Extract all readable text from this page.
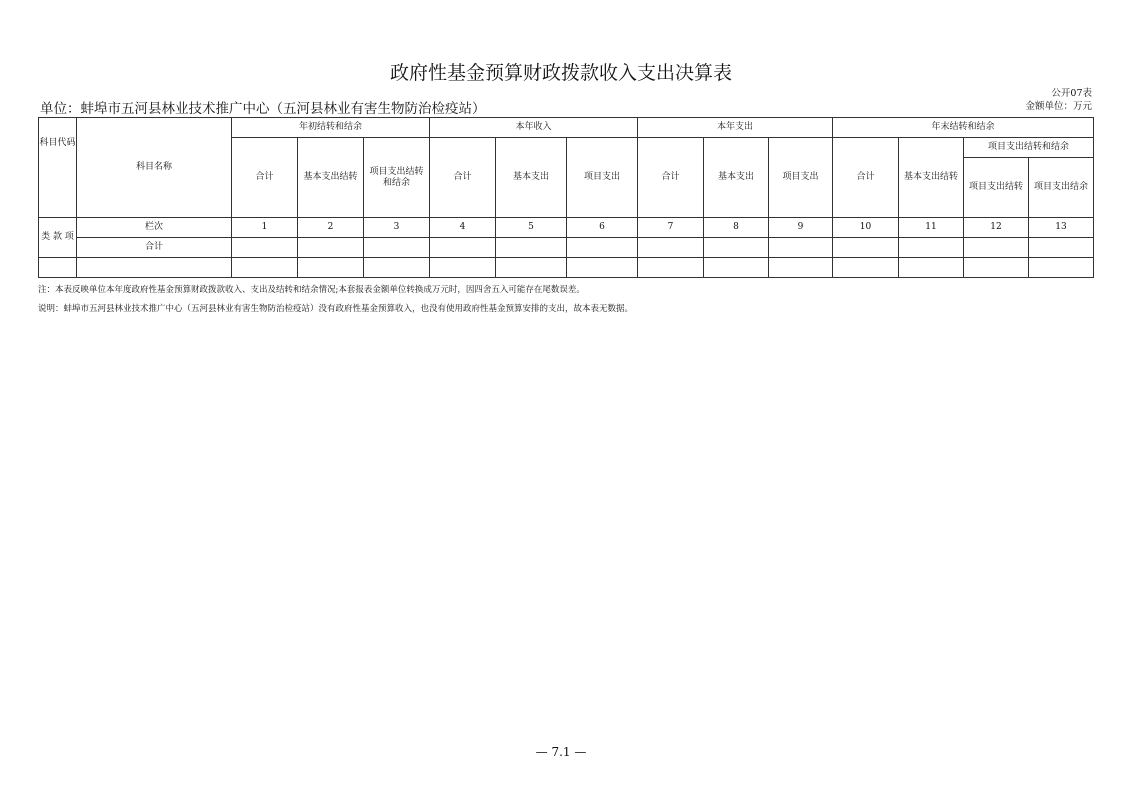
政府性基金预算财政拨款收入支出决算表
单位：蚌埠市五河县林业技术推广中心（五河县林业有害生物防治检疫站）
公开07表
金额单位：万元
科目代码	科目名称	年初结转和结余			本年收入			本年支出			年末结转和结余			
		合计	基本支出结转	项目支出结转和结余	合计	基本支出	项目支出	合计	基本支出	项目支出	合计	基本支出结转	项目支出结转和结余	
													项目支出结转	项目支出结余

类 款 项	栏次	1	2	3	4	5	6	7	8	9	10	11	12	13
	合计													

注：本表反映单位本年度政府性基金预算财政拨款收入、支出及结转和结余情况;本套报表金额单位转换成万元时，因四舍五入可能存在尾数误差。
说明：蚌埠市五河县林业技术推广中心（五河县林业有害生物防治检疫站）没有政府性基金预算收入，也没有使用政府性基金预算安排的支出，故本表无数据。
— 7.1 —
